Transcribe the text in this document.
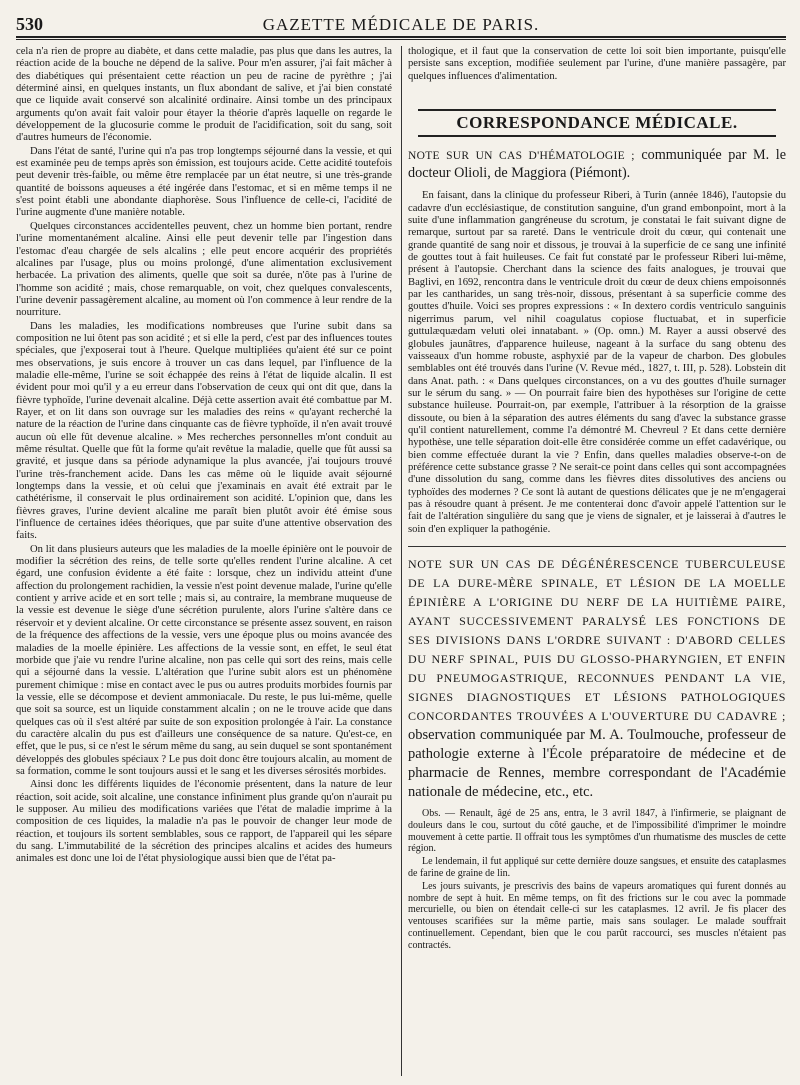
530	GAZETTE MÉDICALE DE PARIS.

cela n'a rien de propre au diabète, et dans cette maladie, pas plus que dans les autres, la réaction acide de la bouche ne dépend de la salive. Pour m'en assurer, j'ai fait mâcher à des diabétiques qui présentaient cette réaction un peu de racine de pyrèthre ; j'ai déterminé ainsi, en quelques instants, un flux abondant de salive, et j'ai bien constaté que ce liquide avait conservé son alcalinité ordinaire. Ainsi tombe un des principaux arguments qu'on avait fait valoir pour étayer la théorie d'après laquelle on regarde le développement de la glucosurie comme le produit de l'acidification, soit du sang, soit d'autres humeurs de l'économie.

Dans l'état de santé, l'urine qui n'a pas trop longtemps séjourné dans la vessie, et qui est examinée peu de temps après son émission, est toujours acide. Cette acidité toutefois peut devenir très-faible, ou même être remplacée par un état neutre, si une très-grande quantité de boissons aqueuses a été ingérée dans l'estomac, et si en même temps il ne s'est point établi une abondante diaphorèse. Sous l'influence de celle-ci, l'acidité de l'urine augmente d'une manière notable.

Quelques circonstances accidentelles peuvent, chez un homme bien portant, rendre l'urine momentanément alcaline. Ainsi elle peut devenir telle par l'ingestion dans l'estomac d'eau chargée de sels alcalins ; elle peut encore acquérir des propriétés alcalines par l'usage, plus ou moins prolongé, d'une alimentation exclusivement herbacée. La privation des aliments, quelle que soit sa durée, n'ôte pas à l'urine de l'homme son acidité ; mais, chose remarquable, on voit, chez quelques convalescents, l'urine devenir passagèrement alcaline, au moment où l'on commence à leur rendre de la nourriture.

Dans les maladies, les modifications nombreuses que l'urine subit dans sa composition ne lui ôtent pas son acidité ; et si elle la perd, c'est par des influences toutes spéciales, que j'exposerai tout à l'heure. Quelque multipliées qu'aient été sur ce point mes observations, je suis encore à trouver un cas dans lequel, par l'influence de la maladie elle-même, l'urine se soit échappée des reins à l'état de liquide alcalin. Il est évident pour moi qu'il y a eu erreur dans l'observation de ceux qui ont dit que, dans la fièvre typhoïde, l'urine devenait alcaline. Déjà cette assertion avait été combattue par M. Rayer, et on lit dans son ouvrage sur les maladies des reins « qu'ayant recherché la nature de la réaction de l'urine dans cinquante cas de fièvre typhoïde, il n'en avait trouvé aucun où elle fût devenue alcaline. » Mes recherches personnelles m'ont conduit au même résultat. Quelle que fût la forme qu'ait revêtue la maladie, quelle que fût aussi sa gravité, et jusque dans sa période adynamique la plus avancée, j'ai toujours trouvé l'urine très-franchement acide. Dans les cas même où le liquide avait séjourné longtemps dans la vessie, et où celui que j'examinais en avait été extrait par le cathétérisme, il conservait le plus ordinairement son acidité. L'opinion que, dans les fièvres graves, l'urine devient alcaline me paraît bien plutôt avoir été émise sous l'influence de certaines idées théoriques, que par suite d'une attentive observation des faits.

On lit dans plusieurs auteurs que les maladies de la moelle épinière ont le pouvoir de modifier la sécrétion des reins, de telle sorte qu'elles rendent l'urine alcaline. A cet égard, une confusion évidente a été faite : lorsque, chez un individu atteint d'une affection du prolongement rachidien, la vessie n'est point devenue malade, l'urine qu'elle contient y arrive acide et en sort telle ; mais si, au contraire, la membrane muqueuse de la vessie est devenue le siège d'une sécrétion purulente, alors l'urine s'altère dans ce réservoir et y devient alcaline. Or cette circonstance se présente assez souvent, en raison de la fréquence des affections de la vessie, vers une époque plus ou moins avancée des maladies de la moelle épinière. Les affections de la vessie sont, en effet, le seul état morbide que j'aie vu rendre l'urine alcaline, non pas celle qui sort des reins, mais celle qui a séjourné dans la vessie. L'altération que l'urine subit alors est un phénomène purement chimique : mise en contact avec le pus ou autres produits morbides fournis par la vessie, elle se décompose et devient ammoniacale. Du reste, le pus lui-même, quelle que soit sa source, est un liquide constamment alcalin ; on ne le trouve acide que dans quelques cas où il s'est altéré par suite de son exposition prolongée à l'air. La constance du caractère alcalin du pus est d'ailleurs une conséquence de sa nature. Qu'est-ce, en effet, que le pus, si ce n'est le sérum même du sang, au sein duquel se sont spontanément développés des globules spéciaux ? Le pus doit donc être toujours alcalin, au moment de sa formation, comme le sont toujours aussi et le sang et les diverses sérosités morbides.

Ainsi donc les différents liquides de l'économie présentent, dans la nature de leur réaction, soit acide, soit alcaline, une constance infiniment plus grande qu'on n'aurait pu le supposer. Au milieu des modifications variées que l'état de maladie imprime à la composition de ces liquides, la maladie n'a pas le pouvoir de changer leur mode de réaction, et toujours ils sortent semblables, sous ce rapport, de l'appareil qui les sépare du sang. L'immutabilité de la sécrétion des principes alcalins et acides des humeurs animales est donc une loi de l'état physiologique aussi bien que de l'état pa-

thologique, et il faut que la conservation de cette loi soit bien importante, puisqu'elle persiste sans exception, modifiée seulement par l'urine, d'une manière passagère, par quelques influences d'alimentation.

CORRESPONDANCE MÉDICALE.
NOTE SUR UN CAS D'HÉMATOLOGIE ; communiquée par M. le docteur Olioli, de Maggiora (Piémont).

En faisant, dans la clinique du professeur Riberi, à Turin (année 1846), l'autopsie du cadavre d'un ecclésiastique, de constitution sanguine, d'un grand embonpoint, mort à la suite d'une inflammation gangréneuse du scrotum, je constatai le fait suivant digne de remarque, surtout par sa rareté. Dans le ventricule droit du cœur, qui contenait une grande quantité de sang noir et dissous, je trouvai à la superficie de ce sang une infinité de gouttes tout à fait huileuses. Ce fait fut constaté par le professeur Riberi lui-même, présent à l'autopsie. Cherchant dans la science des faits analogues, je trouvai que Baglivi, en 1692, rencontra dans le ventricule droit du cœur de deux chiens empoisonnés par les cantharides, un sang très-noir, dissous, présentant à sa superficie comme des gouttes d'huile. Voici ses propres expressions : « In dextero cordis ventriculo sanguinis nigerrimus parum, vel nihil coagulatus copiose fluctuabat, et in superficie guttulæquædam veluti olei innatabant. » (Op. omn.) M. Rayer a aussi observé des globules jaunâtres, d'apparence huileuse, nageant à la surface du sang obtenu des vaisseaux d'un homme robuste, asphyxié par de la vapeur de charbon. Des globules semblables ont été trouvés dans l'urine (V. Revue méd., 1827, t. III, p. 528). Lobstein dit dans Anat. path. : « Dans quelques circonstances, on a vu des gouttes d'huile surnager sur le sérum du sang. » — On pourrait faire bien des hypothèses sur l'origine de cette substance huileuse. Pourrait-on, par exemple, l'attribuer à la résorption de la graisse dissoute, ou bien à la séparation des autres éléments du sang d'avec la substance grasse qu'il contient naturellement, comme l'a démontré M. Chevreul ? Et dans cette dernière hypothèse, une telle séparation doit-elle être considérée comme un effet cadavérique, ou bien comme effectuée durant la vie ? Enfin, dans quelles maladies observe-t-on de préférence cette substance grasse ? Ne serait-ce point dans celles qui sont accompagnées d'une dissolution du sang, comme dans les fièvres dites dissolutives des anciens ou typhoïdes des modernes ? Ce sont là autant de questions délicates que je ne m'engagerai pas à résoudre quant à présent. Je me contenterai donc d'avoir appelé l'attention sur le fait de l'altération singulière du sang que je viens de signaler, et je laisserai à d'autres le soin d'en expliquer la pathogénie.

NOTE SUR UN CAS DE DÉGÉNÉRESCENCE TUBERCULEUSE DE LA DURE-MÈRE SPINALE, ET LÉSION DE LA MOELLE ÉPINIÈRE A L'ORIGINE DU NERF DE LA HUITIÈME PAIRE, AYANT SUCCESSIVEMENT PARALYSÉ LES FONCTIONS DE SES DIVISIONS DANS L'ORDRE SUIVANT : D'ABORD CELLES DU NERF SPINAL, PUIS DU GLOSSO-PHARYNGIEN, ET ENFIN DU PNEUMOGASTRIQUE, RECONNUES PENDANT LA VIE, SIGNES DIAGNOSTIQUES ET LÉSIONS PATHOLOGIQUES CONCORDANTES TROUVÉES A L'OUVERTURE DU CADAVRE ; observation communiquée par M. A. Toulmouche, professeur de pathologie externe à l'École préparatoire de médecine et de pharmacie de Rennes, membre correspondant de l'Académie nationale de médecine, etc., etc.

Obs. — Renault, âgé de 25 ans, entra, le 3 avril 1847, à l'infirmerie, se plaignant de douleurs dans le cou, surtout du côté gauche, et de l'impossibilité d'imprimer le moindre mouvement à cette partie. Il offrait tous les symptômes d'un rhumatisme des muscles de cette région.

Le lendemain, il fut appliqué sur cette dernière douze sangsues, et ensuite des cataplasmes de farine de graine de lin.

Les jours suivants, je prescrivis des bains de vapeurs aromatiques qui furent donnés au nombre de sept à huit. En même temps, on fit des frictions sur le cou avec la pommade mercurielle, ou bien on étendait celle-ci sur les cataplasmes. 12 avril. Je fis placer des ventouses scarifiées sur la même partie, mais sans soulager. Le malade souffrait continuellement. Cependant, bien que le cou parût raccourci, ses muscles n'étaient pas contractés.
